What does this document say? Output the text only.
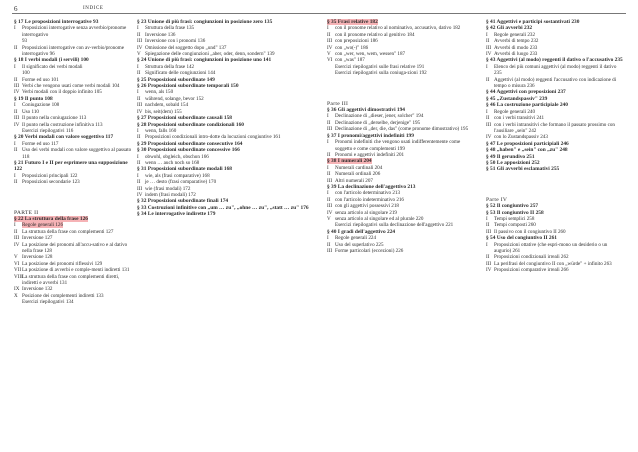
6	INDICE
§ 17 Le proposizioni interrogative 93
I Proposizioni interrogative senza avverbio/pronome interrogativo
93
II Proposizioni interrogative con av-verbio/pronome interrogativo 96
§ 18 I verbi modali (i servili) 100
I Il significato dei verbi modali
100
II Forme ed uso 101
III Verbi che vengono usati come verbi modali 104
IV Verbi modali con il doppio infinito 105
§ 19 Il punto 108
I Coniugazione 108
II Uso 110
III Il punto nella coniugazione 113
IV Il punto nella costruzione infinitiva 113
Esercizi riepilogativi 116
§ 20 Verbi modali con valore soggettivo 117
I Forme ed uso 117
II Uso dei verbi modali con valore soggettivo al passato 118
§ 21 Futuro I e II per esprimere una supposizione 122
I Proposizioni principali 122
II Proposizioni secondarie 123
PARTE II
§ 22 La struttura della frase 126
I Regole generali 126
II La struttura della frase con complementi 127
III Inversione 127
IV La posizione dei pronomi all'accu-sativo e al dativo nella frase 128
V Inversione 128
VI La posizione dei pronomi riflessivi 129
VII La posizione di avverbi e comple-menti indiretti 131
VIII La struttura della frase con complementi diretti, indiretti e avverbi 131
IX Inversione 132
X Posizione dei complementi indiretti 133
Esercizi riepilogativi 134
§ 23 Unione di più frasi: congiunzioni in posizione zero 135
I Struttura della frase 135
II Inversione 136
III Inversione con i pronomi 136
IV Omissione del soggetto dopo „und" 137
V Spiegazione delle congiunzioni „aber, oder, denn, sondern" 139
§ 24 Unione di più frasi: congiunzioni in posizione uno 141
I Struttura della frase 142
II Significato delle congiunzioni 144
§ 25 Proposizioni subordinate 149
§ 26 Proposizioni subordinate temporali 150
I wenn, als 150
II während, solange, bevor 152
III nachdem, sobald 154
IV bis, seit(dem) 155
§ 27 Proposizioni subordinate causali 158
§ 28 Proposizioni subordinate condizionali 160
I wenn, falls 160
II Proposizioni condizionali intro-dotte da locuzioni congiuntive 161
§ 29 Proposizioni subordinate consecutive 164
§ 30 Proposizioni subordinate concessive 166
I obwohl, obgleich, obschon 166
II wenn … auch noch so 168
§ 31 Proposizioni subordinate modali 168
I wie, als (frasi comparative) 168
II je … desto (frasi comparative) 170
III wie (frasi modali) 172
IV indem (frasi modali) 172
§ 32 Proposizioni subordinate finali 174
§ 33 Costruzioni infinitive con „um … zu", „ohne … zu", „statt … zu" 176
§ 34 Le interrogative indirette 179
§ 35 Frasi relative 182
I con il pronome relativo al nominativo, accusativo, dativo 182
II con il pronome relativo al genitivo 184
III con preposizioni 186
IV con „wo(-)" 186
V con „wer, wen, wem, wessen" 187
VI con „was" 187
Esercizi riepilogativi sulle frasi relative 191
Esercizi riepilogativi sulla coniuga-zioni 192
Parte III
§ 36 Gli aggettivi dimostrativi 194
I Declinazione di „dieser, jener, solcher" 194
II Declinazione di „derselbe, derjenige" 195
III Declinazione di „der, die, das" (come pronome dimostrativo) 195
§ 37 I pronomi/aggettivi indefiniti 199
I Pronomi indefiniti che vengono usati indifferentemente come soggetto e come complementi 199
II Pronomi e aggettivi indefiniti 201
§ 38 I numerali 204
I Numerali cardinali 204
II Numerali ordinali 206
III Altri numerali 207
§ 39 La declinazione dell'aggettivo 213
I con l'articolo determinativo 213
II con l'articolo indeterminativo 216
III con gli aggettivi possessivi 218
IV senza articolo al singolare 219
V senza articolo al singolare ed al plurale 220
Esercizi riepilogativi sulla declinazione dell'aggettivo 221
§ 40 I gradi dell'aggettivo 224
I Regole generali 224
II Uso del superlativo 225
III Forme particolari (eccezioni) 226
§ 41 Aggettivi e participi sostantivati 230
§ 42 Gli avverbi 232
I Regole generali 232
II Avverbi di tempo 232
III Avverbi di modo 233
IV Avverbi di luogo 233
§ 43 Aggettivi (al modo) reggenti il dativo o l'accusativo 235
I Elenco dei più comuni aggettivi (al modo) reggenti il dativo 235
II Aggettivi (al modo) reggenti l'accusativo con indicazione di tempo o misura 236
§ 44 Aggettivi con preposizioni 237
§ 45 „Zustandspassiv" 239
§ 46 La costruzione participiale 240
I Regole generali 240
II con i verbi transitivi 241
III con i verbi intransitivi che formano il passato prossimo con l'ausiliare „sein" 242
IV con lo Zustandspassiv 243
§ 47 Le proposizioni participiali 246
§ 48 „haben" e „sein" con „zu" 248
§ 49 Il gerundivo 251
§ 50 Le apposizioni 252
§ 51 Gli avverbi esclamativi 255
Parte IV
§ 52 Il congiuntivo 257
§ 53 Il congiuntivo II 258
I Tempi semplici 258
II Tempi composti 260
III Il passivo con il congiuntivo II 260
§ 54 Uso del congiuntivo II 261
I Proposizioni ottative (che espri-mono un desiderio o un augurio) 261
II Proposizioni condizionali irreali 262
III La perifrasi del congiuntivo II con „würde" + infinito 263
IV Proposizioni comparative irreali 266
